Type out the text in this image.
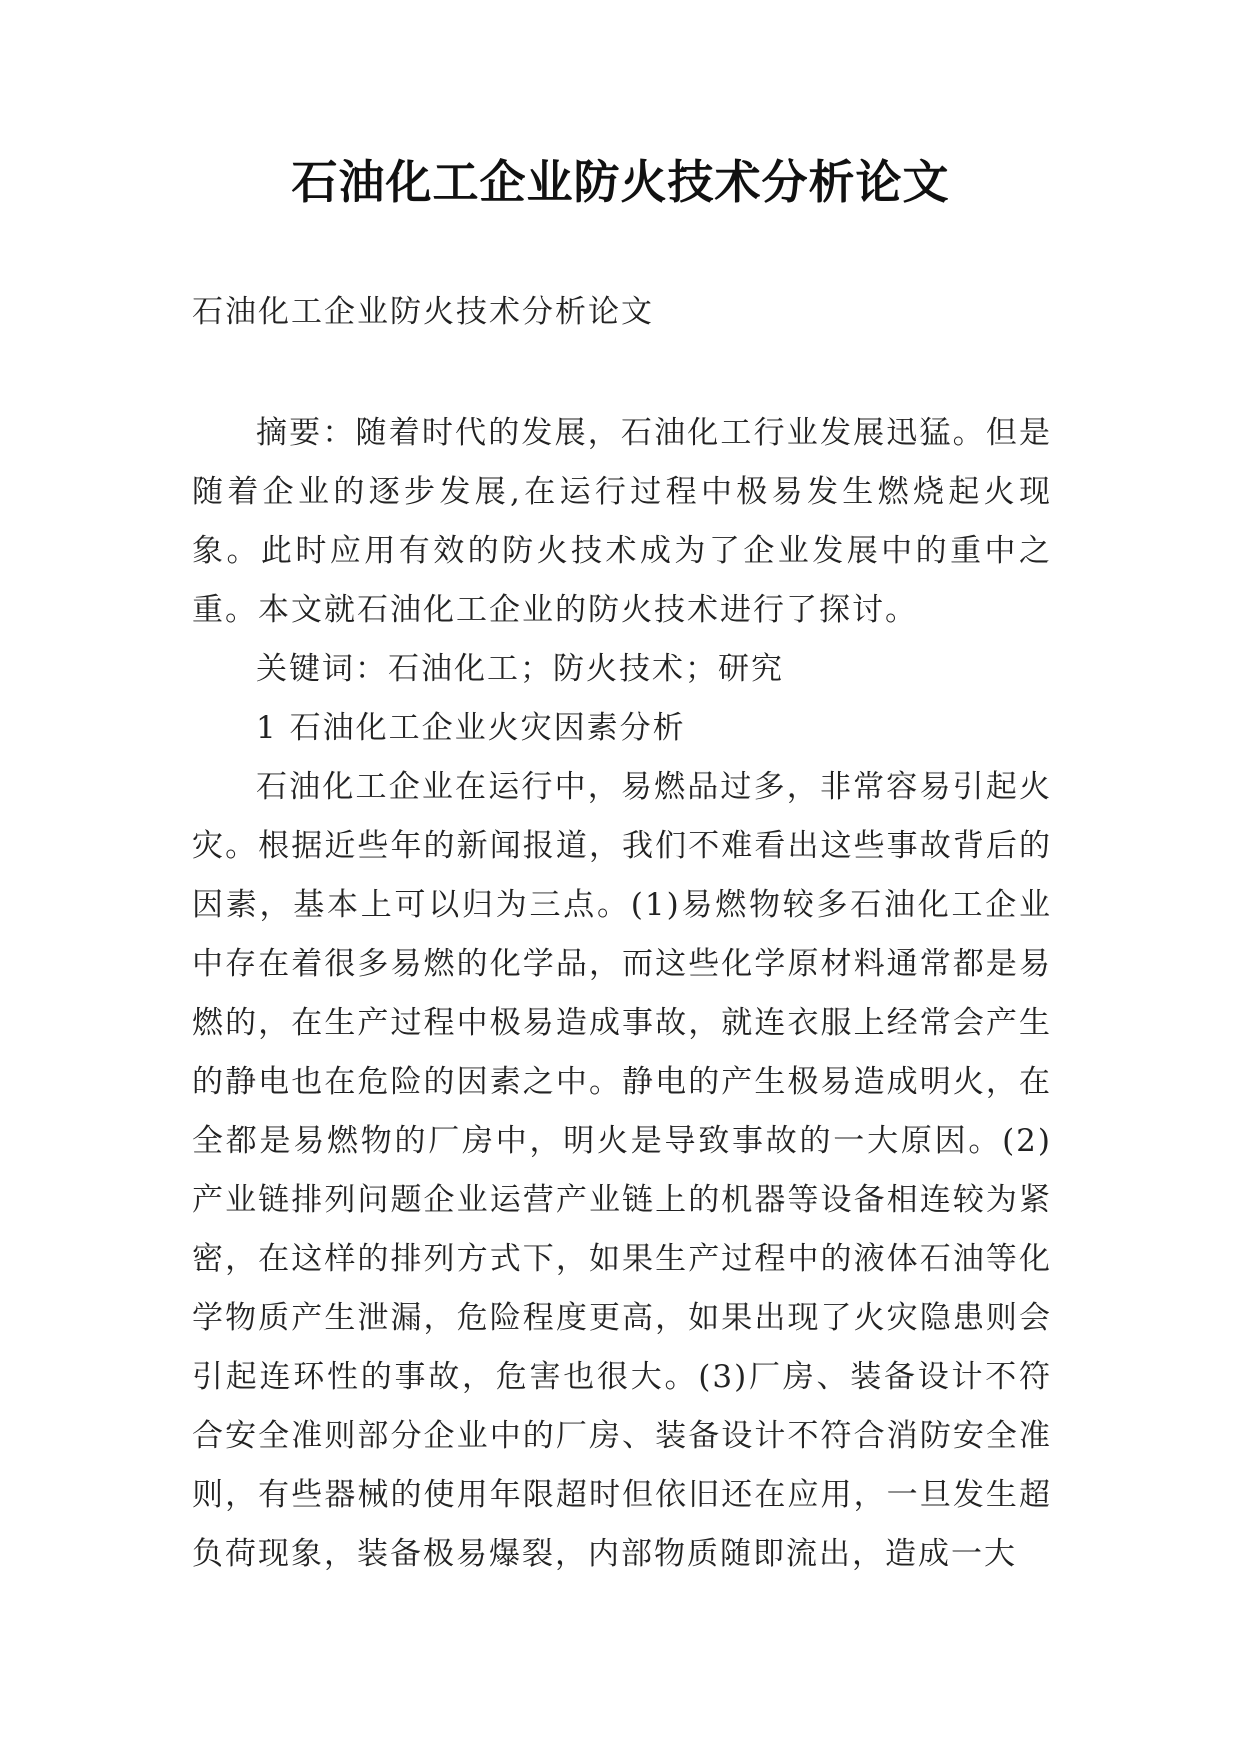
石油化工企业防火技术分析论文
石油化工企业防火技术分析论文

摘要：随着时代的发展，石油化工行业发展迅猛。但是随着企业的逐步发展,在运行过程中极易发生燃烧起火现象。此时应用有效的防火技术成为了企业发展中的重中之重。本文就石油化工企业的防火技术进行了探讨。

关键词：石油化工；防火技术；研究

1 石油化工企业火灾因素分析

石油化工企业在运行中，易燃品过多，非常容易引起火灾。根据近些年的新闻报道，我们不难看出这些事故背后的因素，基本上可以归为三点。(1)易燃物较多石油化工企业中存在着很多易燃的化学品，而这些化学原材料通常都是易燃的，在生产过程中极易造成事故，就连衣服上经常会产生的静电也在危险的因素之中。静电的产生极易造成明火，在全都是易燃物的厂房中，明火是导致事故的一大原因。(2)产业链排列问题企业运营产业链上的机器等设备相连较为紧密，在这样的排列方式下，如果生产过程中的液体石油等化学物质产生泄漏，危险程度更高，如果出现了火灾隐患则会引起连环性的事故，危害也很大。(3)厂房、装备设计不符合安全准则部分企业中的厂房、装备设计不符合消防安全准则，有些器械的使用年限超时但依旧还在应用，一旦发生超负荷现象，装备极易爆裂，内部物质随即流出，造成一大
